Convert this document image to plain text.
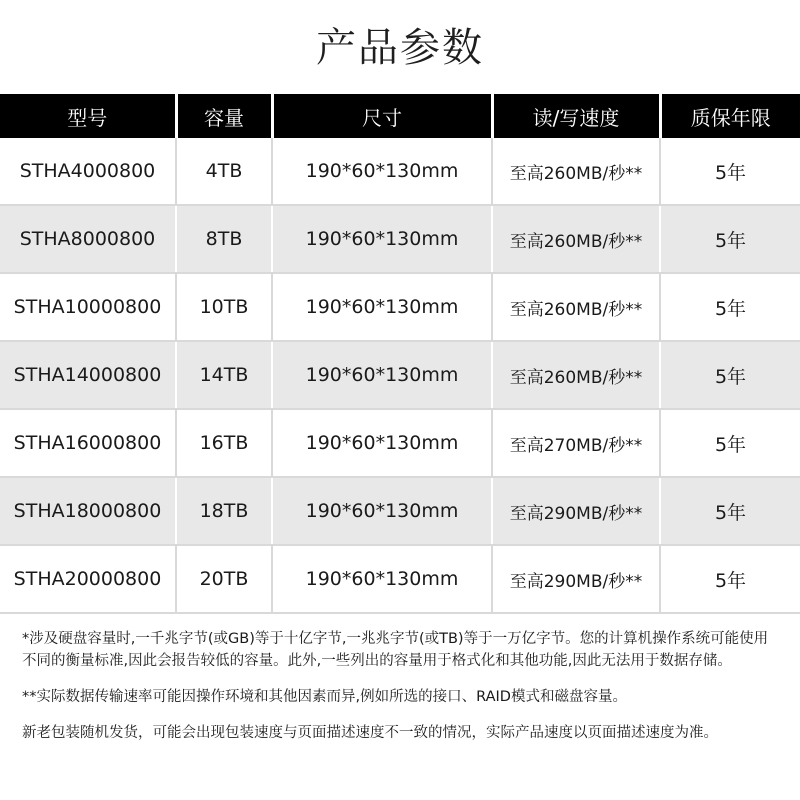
产品参数
型号	容量	尺寸	读/写速度	质保年限
STHA4000800	4TB	190*60*130mm	至高260MB/秒**	5年
STHA8000800	8TB	190*60*130mm	至高260MB/秒**	5年
STHA10000800	10TB	190*60*130mm	至高260MB/秒**	5年
STHA14000800	14TB	190*60*130mm	至高260MB/秒**	5年
STHA16000800	16TB	190*60*130mm	至高270MB/秒**	5年
STHA18000800	18TB	190*60*130mm	至高290MB/秒**	5年
STHA20000800	20TB	190*60*130mm	至高290MB/秒**	5年

*涉及硬盘容量时,一千兆字节(或GB)等于十亿字节,一兆兆字节(或TB)等于一万亿字节。您的计算机操作系统可能使用不同的衡量标准,因此会报告较低的容量。此外,一些列出的容量用于格式化和其他功能,因此无法用于数据存储。

**实际数据传输速率可能因操作环境和其他因素而异,例如所选的接口、RAID模式和磁盘容量。

新老包装随机发货，可能会出现包装速度与页面描述速度不一致的情况，实际产品速度以页面描述速度为准。
